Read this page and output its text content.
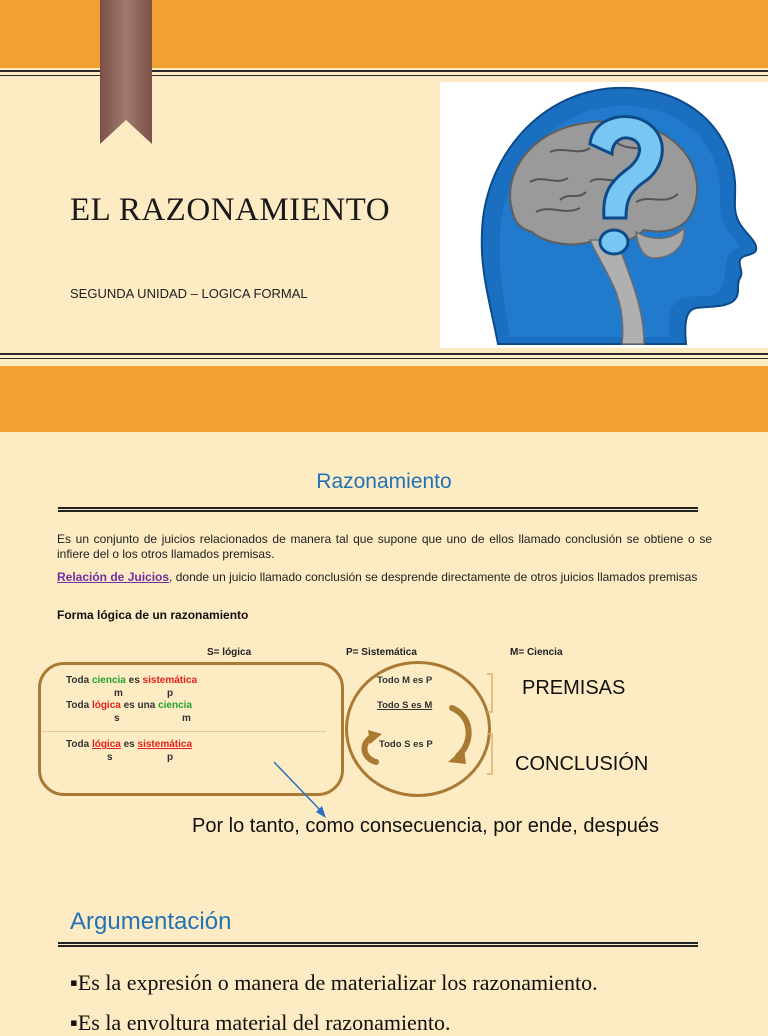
EL RAZONAMIENTO
SEGUNDA UNIDAD – LOGICA FORMAL
Razonamiento
Es un conjunto de juicios relacionados de manera tal que supone que uno de ellos llamado conclusión se obtiene o se infiere del o los otros llamados premisas.
Relación de Juicios, donde un juicio llamado conclusión se desprende directamente de otros juicios llamados premisas
Forma lógica de un razonamiento
S= lógica	P= Sistemática	M= Ciencia
Toda ciencia es sistemática
m	p
Toda lógica es una ciencia
s	m
Toda lógica es sistemática
s	p
Todo M es P
Todo S es M
Todo S es P
PREMISAS
CONCLUSIÓN
Por lo tanto, como consecuencia, por ende, después
Argumentación
▪Es la expresión o manera de materializar los razonamiento.
▪Es la envoltura material del razonamiento.
